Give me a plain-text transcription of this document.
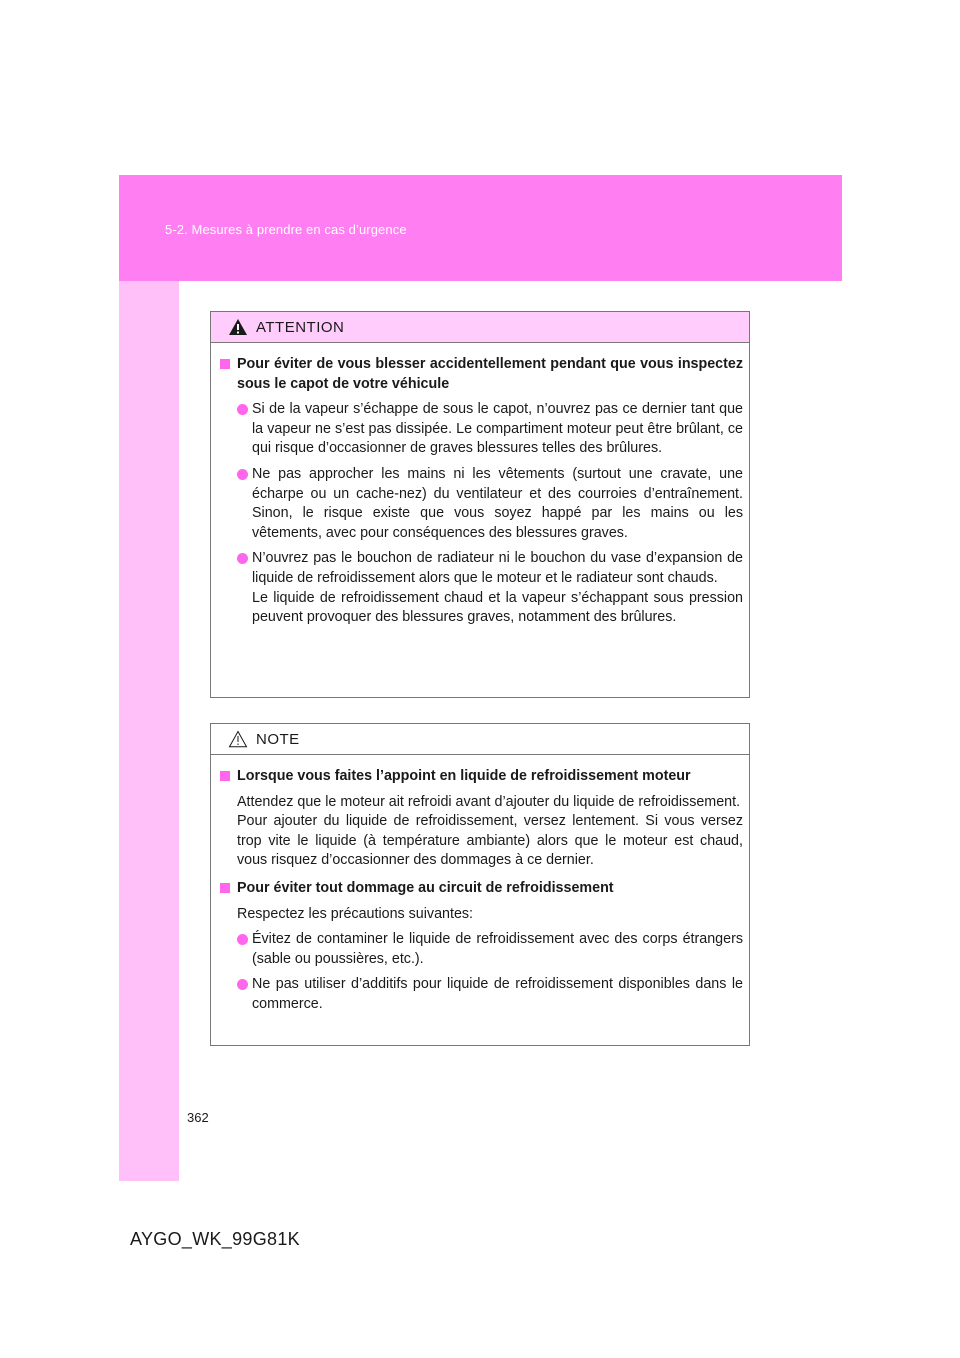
5-2. Mesures à prendre en cas d’urgence
ATTENTION
Pour éviter de vous blesser accidentellement pendant que vous inspectez sous le capot de votre véhicule
Si de la vapeur s’échappe de sous le capot, n’ouvrez pas ce dernier tant que la vapeur ne s’est pas dissipée. Le compartiment moteur peut être brûlant, ce qui risque d’occasionner de graves blessures telles des brûlures.
Ne pas approcher les mains ni les vêtements (surtout une cravate, une écharpe ou un cache-nez) du ventilateur et des courroies d’entraînement. Sinon, le risque existe que vous soyez happé par les mains ou les vêtements, avec pour conséquences des blessures graves.
N’ouvrez pas le bouchon de radiateur ni le bouchon du vase d’expansion de liquide de refroidissement alors que le moteur et le radiateur sont chauds.
Le liquide de refroidissement chaud et la vapeur s’échappant sous pression peuvent provoquer des blessures graves, notamment des brûlures.
NOTE
Lorsque vous faites l’appoint en liquide de refroidissement moteur
Attendez que le moteur ait refroidi avant d’ajouter du liquide de refroidissement.
Pour ajouter du liquide de refroidissement, versez lentement. Si vous versez trop vite le liquide (à température ambiante) alors que le moteur est chaud, vous risquez d’occasionner des dommages à ce dernier.
Pour éviter tout dommage au circuit de refroidissement
Respectez les précautions suivantes:
Évitez de contaminer le liquide de refroidissement avec des corps étrangers (sable ou poussières, etc.).
Ne pas utiliser d’additifs pour liquide de refroidissement disponibles dans le commerce.
362
AYGO_WK_99G81K
